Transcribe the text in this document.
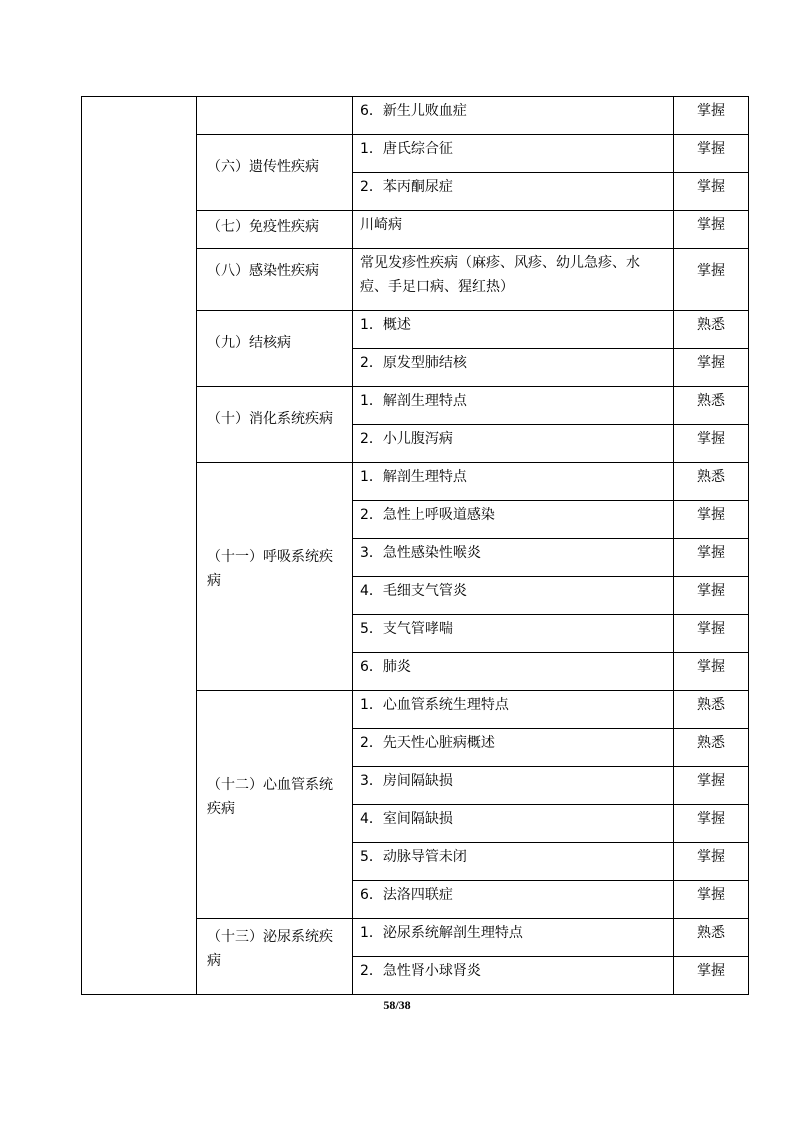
		6．新生儿败血症	掌握
	（六）遗传性疾病	1．唐氏综合征	掌握
		2．苯丙酮尿症	掌握
	（七）免疫性疾病	川崎病	掌握
	（八）感染性疾病	常见发疹性疾病（麻疹、风疹、幼儿急疹、水痘、手足口病、猩红热）	掌握
	（九）结核病	1．概述	熟悉
		2．原发型肺结核	掌握
	（十）消化系统疾病	1．解剖生理特点	熟悉
		2．小儿腹泻病	掌握
	（十一）呼吸系统疾病	1．解剖生理特点	熟悉
		2．急性上呼吸道感染	掌握
		3．急性感染性喉炎	掌握
		4．毛细支气管炎	掌握
		5．支气管哮喘	掌握
		6．肺炎	掌握
	（十二）心血管系统疾病	1．心血管系统生理特点	熟悉
		2．先天性心脏病概述	熟悉
		3．房间隔缺损	掌握
		4．室间隔缺损	掌握
		5．动脉导管未闭	掌握
		6．法洛四联症	掌握
	（十三）泌尿系统疾病	1．泌尿系统解剖生理特点	熟悉
		2．急性肾小球肾炎	掌握
58/38
